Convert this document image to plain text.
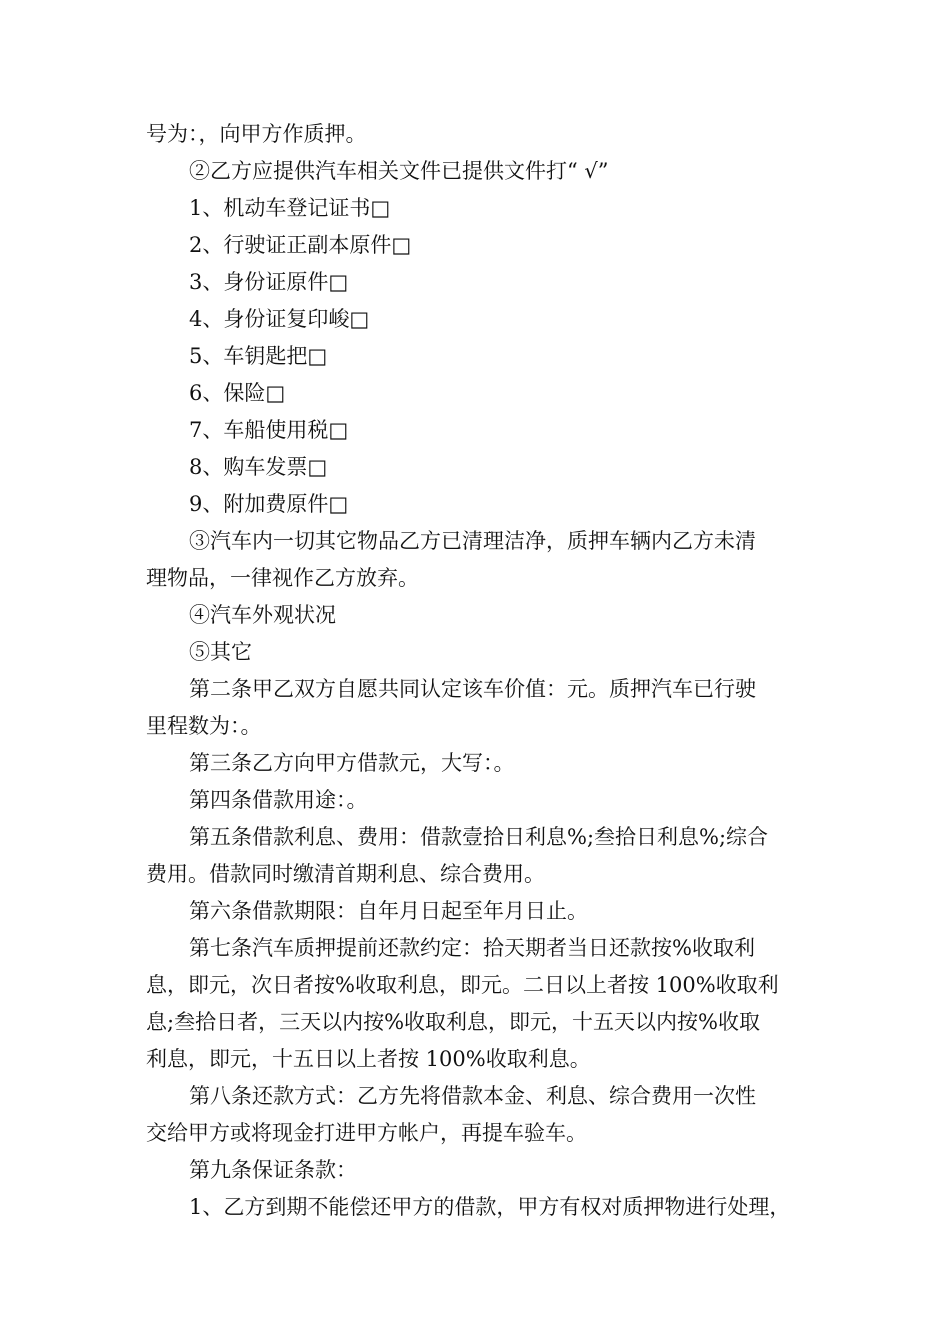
号为：，向甲方作质押。
②乙方应提供汽车相关文件已提供文件打“ √”
1、机动车登记证书□
2、行驶证正副本原件□
3、身份证原件□
4、身份证复印峻□
5、车钥匙把□
6、保险□
7、车船使用税□
8、购车发票□
9、附加费原件□
③汽车内一切其它物品乙方已清理洁净，质押车辆内乙方未清
理物品，一律视作乙方放弃。
④汽车外观状况
⑤其它
第二条甲乙双方自愿共同认定该车价值：元。质押汽车已行驶
里程数为：。
第三条乙方向甲方借款元，大写：。
第四条借款用途：。
第五条借款利息、费用：借款壹拾日利息%;叁拾日利息%;综合
费用。借款同时缴清首期利息、综合费用。
第六条借款期限：自年月日起至年月日止。
第七条汽车质押提前还款约定：拾天期者当日还款按%收取利
息，即元，次日者按%收取利息，即元。二日以上者按 100%收取利
息;叁拾日者，三天以内按%收取利息，即元，十五天以内按%收取
利息，即元，十五日以上者按 100%收取利息。
第八条还款方式：乙方先将借款本金、利息、综合费用一次性
交给甲方或将现金打进甲方帐户，再提车验车。
第九条保证条款：
1、乙方到期不能偿还甲方的借款，甲方有权对质押物进行处理，
